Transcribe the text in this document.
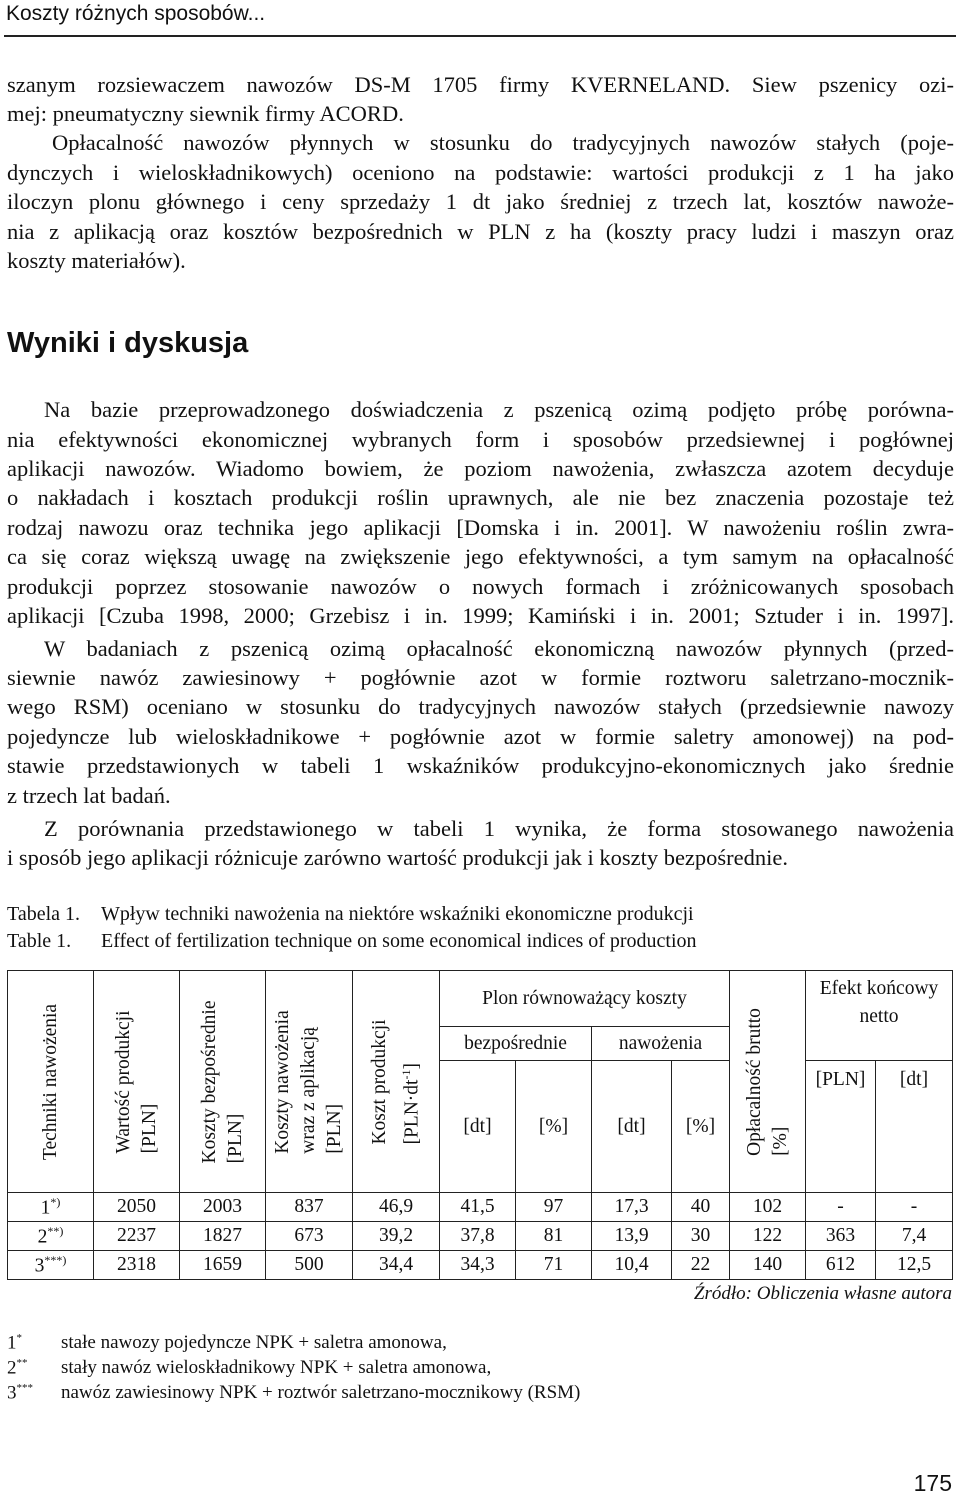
Koszty różnych sposobów...
szanym rozsiewaczem nawozów DS-M 1705 firmy KVERNELAND. Siew pszenicy ozi-
mej: pneumatyczny siewnik firmy ACORD.
Opłacalność nawozów płynnych w stosunku do tradycyjnych nawozów stałych (poje-
dynczych i wieloskładnikowych) oceniono na podstawie: wartości produkcji z 1 ha jako
iloczyn plonu głównego i ceny sprzedaży 1 dt jako średniej z trzech lat, kosztów nawoże-
nia z aplikacją oraz kosztów bezpośrednich w PLN z ha (koszty pracy ludzi i maszyn oraz
koszty materiałów).
Wyniki i dyskusja
Na bazie przeprowadzonego doświadczenia z pszenicą ozimą podjęto próbę porówna-
nia efektywności ekonomicznej wybranych form i sposobów przedsiewnej i pogłównej
aplikacji nawozów. Wiadomo bowiem, że poziom nawożenia, zwłaszcza azotem decyduje
o nakładach i kosztach produkcji roślin uprawnych, ale nie bez znaczenia pozostaje też
rodzaj nawozu oraz technika jego aplikacji [Domska i in. 2001]. W nawożeniu roślin zwra-
ca się coraz większą uwagę na zwiększenie jego efektywności, a tym samym na opłacalność
produkcji poprzez stosowanie nawozów o nowych formach i zróżnicowanych sposobach
aplikacji [Czuba 1998, 2000; Grzebisz i in. 1999; Kamiński i in. 2001; Sztuder i in. 1997].
W badaniach z pszenicą ozimą opłacalność ekonomiczną nawozów płynnych (przed-
siewnie nawóz zawiesinowy + pogłównie azot w formie roztworu saletrzano-mocznik-
wego RSM) oceniano w stosunku do tradycyjnych nawozów stałych (przedsiewnie nawozy
pojedyncze lub wieloskładnikowe + pogłównie azot w formie saletry amonowej) na pod-
stawie przedstawionych w tabeli 1 wskaźników produkcyjno-ekonomicznych jako średnie
z trzech lat badań.
Z porównania przedstawionego w tabeli 1 wynika, że forma stosowanego nawożenia
i sposób jego aplikacji różnicuje zarówno wartość produkcji jak i koszty bezpośrednie.
Tabela 1. Wpływ techniki nawożenia na niektóre wskaźniki ekonomiczne produkcji
Table 1. Effect of fertilization technique on some economical indices of production
Techniki nawożenia	Wartość produkcji [PLN]	Koszty bezpośrednie [PLN]	Koszty nawożenia wraz z aplikacją [PLN]	Koszt produkcji $[PLN\cdot dt^{-1}]$	Plon równoważący koszty				Opłacalność brutto [%]	Efekt końcowy netto	
					bezpośrednie		nawożenia				
					[dt]	[%]	[dt]	[%]		[PLN]	[dt]
1*)	2050	2003	837	46,9	41,5	97	17,3	40	102	-	-
2**)	2237	1827	673	39,2	37,8	81	13,9	30	122	363	7,4
3***)	2318	1659	500	34,4	34,3	71	10,4	22	140	612	12,5
Źródło: Obliczenia własne autora
1* stałe nawozy pojedyncze NPK + saletra amonowa,
2** stały nawóz wieloskładnikowy NPK + saletra amonowa,
3*** nawóz zawiesinowy NPK + roztwór saletrzano-mocznikowy (RSM)
175
